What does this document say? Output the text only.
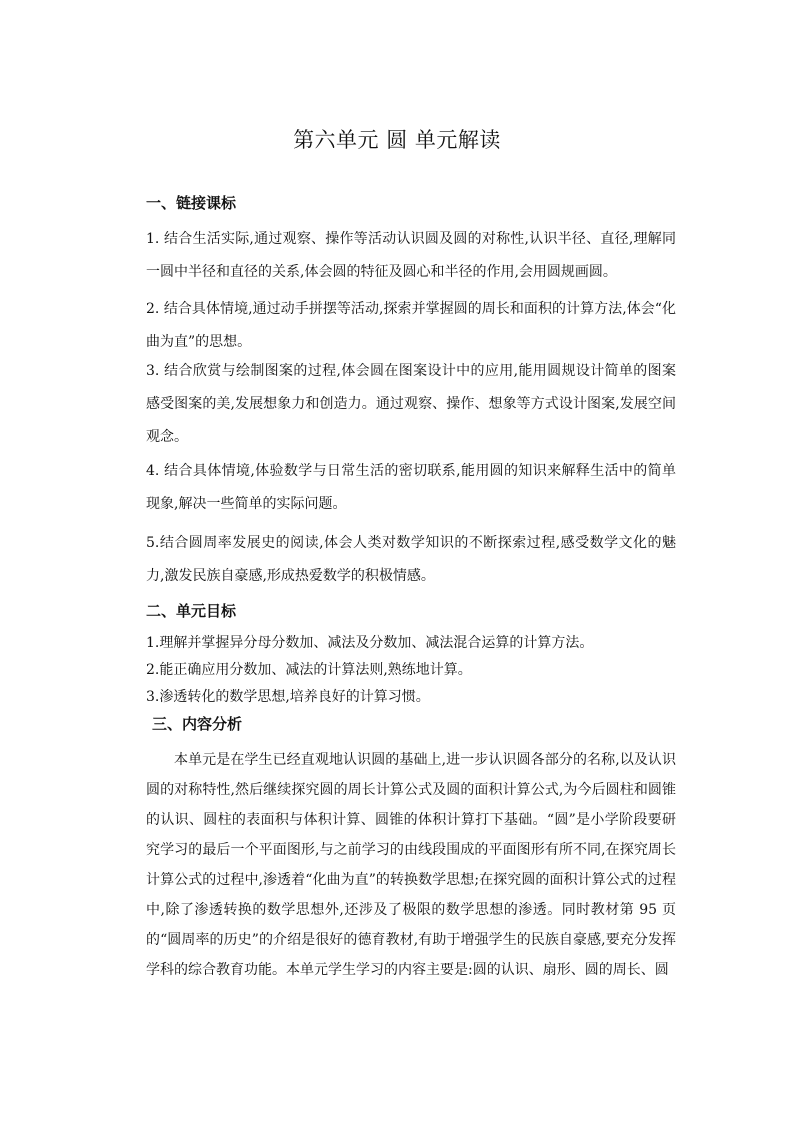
第六单元 圆 单元解读
一、链接课标

1. 结合生活实际,通过观察、操作等活动认识圆及圆的对称性,认识半径、直径,理解同一圆中半径和直径的关系,体会圆的特征及圆心和半径的作用,会用圆规画圆。

2. 结合具体情境,通过动手拼摆等活动,探索并掌握圆的周长和面积的计算方法,体会“化曲为直”的思想。

3. 结合欣赏与绘制图案的过程,体会圆在图案设计中的应用,能用圆规设计简单的图案感受图案的美,发展想象力和创造力。通过观察、操作、想象等方式设计图案,发展空间观念。

4. 结合具体情境,体验数学与日常生活的密切联系,能用圆的知识来解释生活中的简单现象,解决一些简单的实际问题。

5.结合圆周率发展史的阅读,体会人类对数学知识的不断探索过程,感受数学文化的魅力,激发民族自豪感,形成热爱数学的积极情感。

二、单元目标

1.理解并掌握异分母分数加、减法及分数加、减法混合运算的计算方法。

2.能正确应用分数加、减法的计算法则,熟练地计算。

3.渗透转化的数学思想,培养良好的计算习惯。

三、内容分析

本单元是在学生已经直观地认识圆的基础上,进一步认识圆各部分的名称,以及认识圆的对称特性,然后继续探究圆的周长计算公式及圆的面积计算公式,为今后圆柱和圆锥的认识、圆柱的表面积与体积计算、圆锥的体积计算打下基础。“圆”是小学阶段要研究学习的最后一个平面图形,与之前学习的由线段围成的平面图形有所不同,在探究周长计算公式的过程中,渗透着“化曲为直”的转换数学思想;在探究圆的面积计算公式的过程中,除了渗透转换的数学思想外,还涉及了极限的数学思想的渗透。同时教材第 95 页的“圆周率的历史”的介绍是很好的德育教材,有助于增强学生的民族自豪感,要充分发挥学科的综合教育功能。本单元学生学习的内容主要是:圆的认识、扇形、圆的周长、圆
